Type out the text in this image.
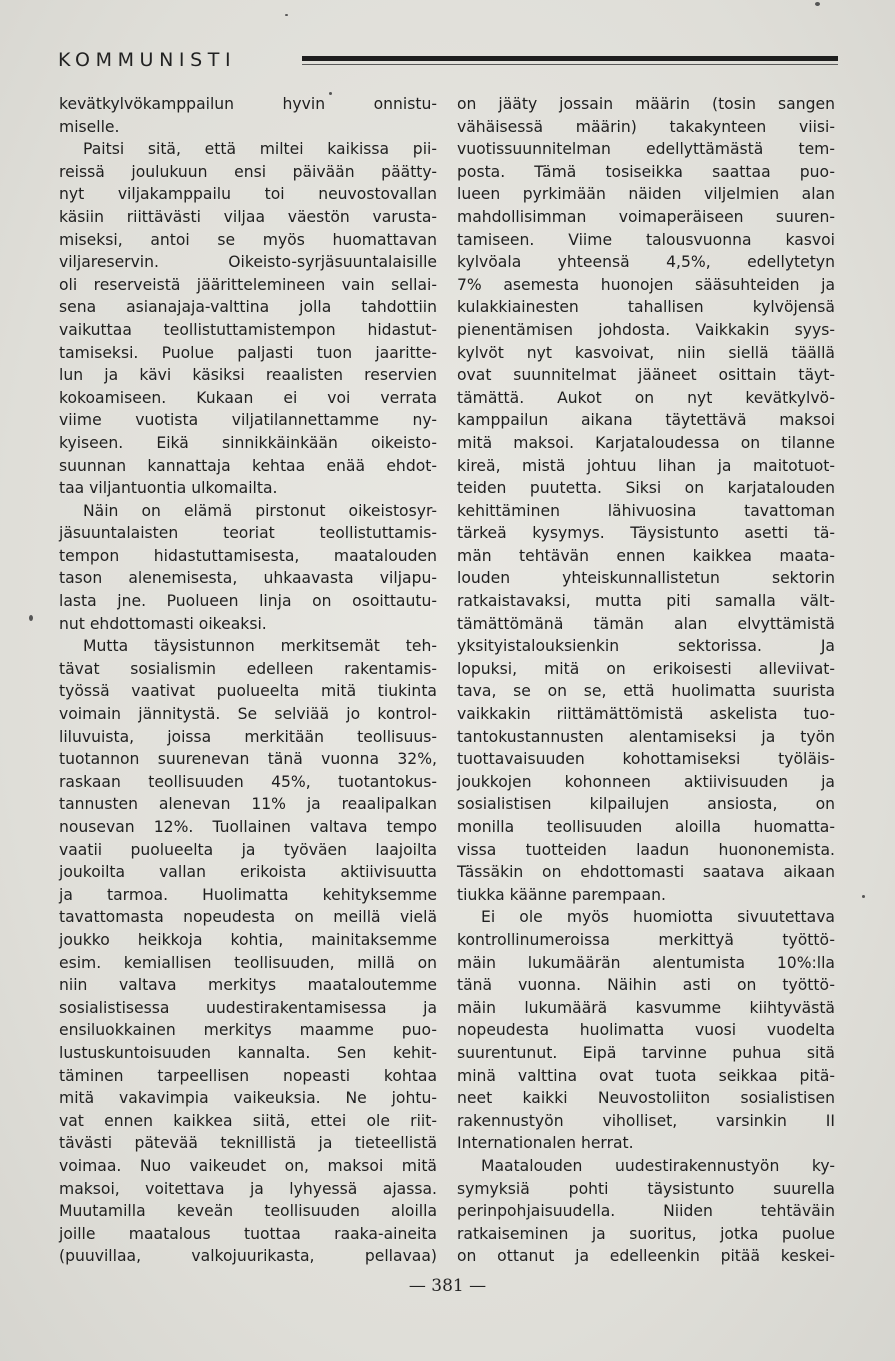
KOMMUNISTI
kevätkylvökamppailun hyvin onnistu-
miselle.
Paitsi sitä, että miltei kaikissa pii-
reissä joulukuun ensi päivään päätty-
nyt viljakamppailu toi neuvostovallan
käsiin riittävästi viljaa väestön varusta-
miseksi, antoi se myös huomattavan
viljareservin. Oikeisto-syrjäsuuntalaisille
oli reserveistä jäärittelemineen vain sellai-
sena asianajaja-valttina jolla tahdottiin
vaikuttaa teollistuttamistempon hidastut-
tamiseksi. Puolue paljasti tuon jaaritte-
lun ja kävi käsiksi reaalisten reservien
kokoamiseen. Kukaan ei voi verrata
viime vuotista viljatilannettamme ny-
kyiseen. Eikä sinnikkäinkään oikeisto-
suunnan kannattaja kehtaa enää ehdot-
taa viljantuontia ulkomailta.
Näin on elämä pirstonut oikeistosyr-
jäsuuntalaisten teoriat teollistuttamis-
tempon hidastuttamisesta, maatalouden
tason alenemisesta, uhkaavasta viljapu-
lasta jne. Puolueen linja on osoittautu-
nut ehdottomasti oikeaksi.
Mutta täysistunnon merkitsemät teh-
tävat sosialismin edelleen rakentamis-
työssä vaativat puolueelta mitä tiukinta
voimain jännitystä. Se selviää jo kontrol-
liluvuista, joissa merkitään teollisuus-
tuotannon suurenevan tänä vuonna 32%,
raskaan teollisuuden 45%, tuotantokus-
tannusten alenevan 11% ja reaalipalkan
nousevan 12%. Tuollainen valtava tempo
vaatii puolueelta ja työväen laajoilta
joukoilta vallan erikoista aktiivisuutta
ja tarmoa. Huolimatta kehityksemme
tavattomasta nopeudesta on meillä vielä
joukko heikkoja kohtia, mainitaksemme
esim. kemiallisen teollisuuden, millä on
niin valtava merkitys maataloutemme
sosialistisessa uudestirakentamisessa ja
ensiluokkainen merkitys maamme puo-
lustuskuntoisuuden kannalta. Sen kehit-
täminen tarpeellisen nopeasti kohtaa
mitä vakavimpia vaikeuksia. Ne johtu-
vat ennen kaikkea siitä, ettei ole riit-
tävästi pätevää teknillistä ja tieteellistä
voimaa. Nuo vaikeudet on, maksoi mitä
maksoi, voitettava ja lyhyessä ajassa.
Muutamilla keveän teollisuuden aloilla
joille maatalous tuottaa raaka-aineita
(puuvillaa, valkojuurikasta, pellavaa)
on jääty jossain määrin (tosin sangen
vähäisessä määrin) takakynteen viisi-
vuotissuunnitelman edellyttämästä tem-
posta. Tämä tosiseikka saattaa puo-
lueen pyrkimään näiden viljelmien alan
mahdollisimman voimaperäiseen suuren-
tamiseen. Viime talousvuonna kasvoi
kylvöala yhteensä 4,5%, edellytetyn
7% asemesta huonojen sääsuhteiden ja
kulakkiainesten tahallisen kylvöjensä
pienentämisen johdosta. Vaikkakin syys-
kylvöt nyt kasvoivat, niin siellä täällä
ovat suunnitelmat jääneet osittain täyt-
tämättä. Aukot on nyt kevätkylvö-
kamppailun aikana täytettävä maksoi
mitä maksoi. Karjataloudessa on tilanne
kireä, mistä johtuu lihan ja maitotuot-
teiden puutetta. Siksi on karjatalouden
kehittäminen lähivuosina tavattoman
tärkeä kysymys. Täysistunto asetti tä-
män tehtävän ennen kaikkea maata-
louden yhteiskunnallistetun sektorin
ratkaistavaksi, mutta piti samalla vält-
tämättömänä tämän alan elvyttämistä
yksityistalouksienkin sektorissa. Ja
lopuksi, mitä on erikoisesti alleviivat-
tava, se on se, että huolimatta suurista
vaikkakin riittämättömistä askelista tuo-
tantokustannusten alentamiseksi ja työn
tuottavaisuuden kohottamiseksi työläis-
joukkojen kohonneen aktiivisuuden ja
sosialistisen kilpailujen ansiosta, on
monilla teollisuuden aloilla huomatta-
vissa tuotteiden laadun huononemista.
Tässäkin on ehdottomasti saatava aikaan
tiukka käänne parempaan.
Ei ole myös huomiotta sivuutettava
kontrollinumeroissa merkittyä työttö-
mäin lukumäärän alentumista 10%:lla
tänä vuonna. Näihin asti on työttö-
mäin lukumäärä kasvumme kiihtyvästä
nopeudesta huolimatta vuosi vuodelta
suurentunut. Eipä tarvinne puhua sitä
minä valttina ovat tuota seikkaa pitä-
neet kaikki Neuvostoliiton sosialistisen
rakennustyön viholliset, varsinkin II
Internationalen herrat.
Maatalouden uudestirakennustyön ky-
symyksiä pohti täysistunto suurella
perinpohjaisuudella. Niiden tehtäväin
ratkaiseminen ja suoritus, jotka puolue
on ottanut ja edelleenkin pitää keskei-
— 381 —
